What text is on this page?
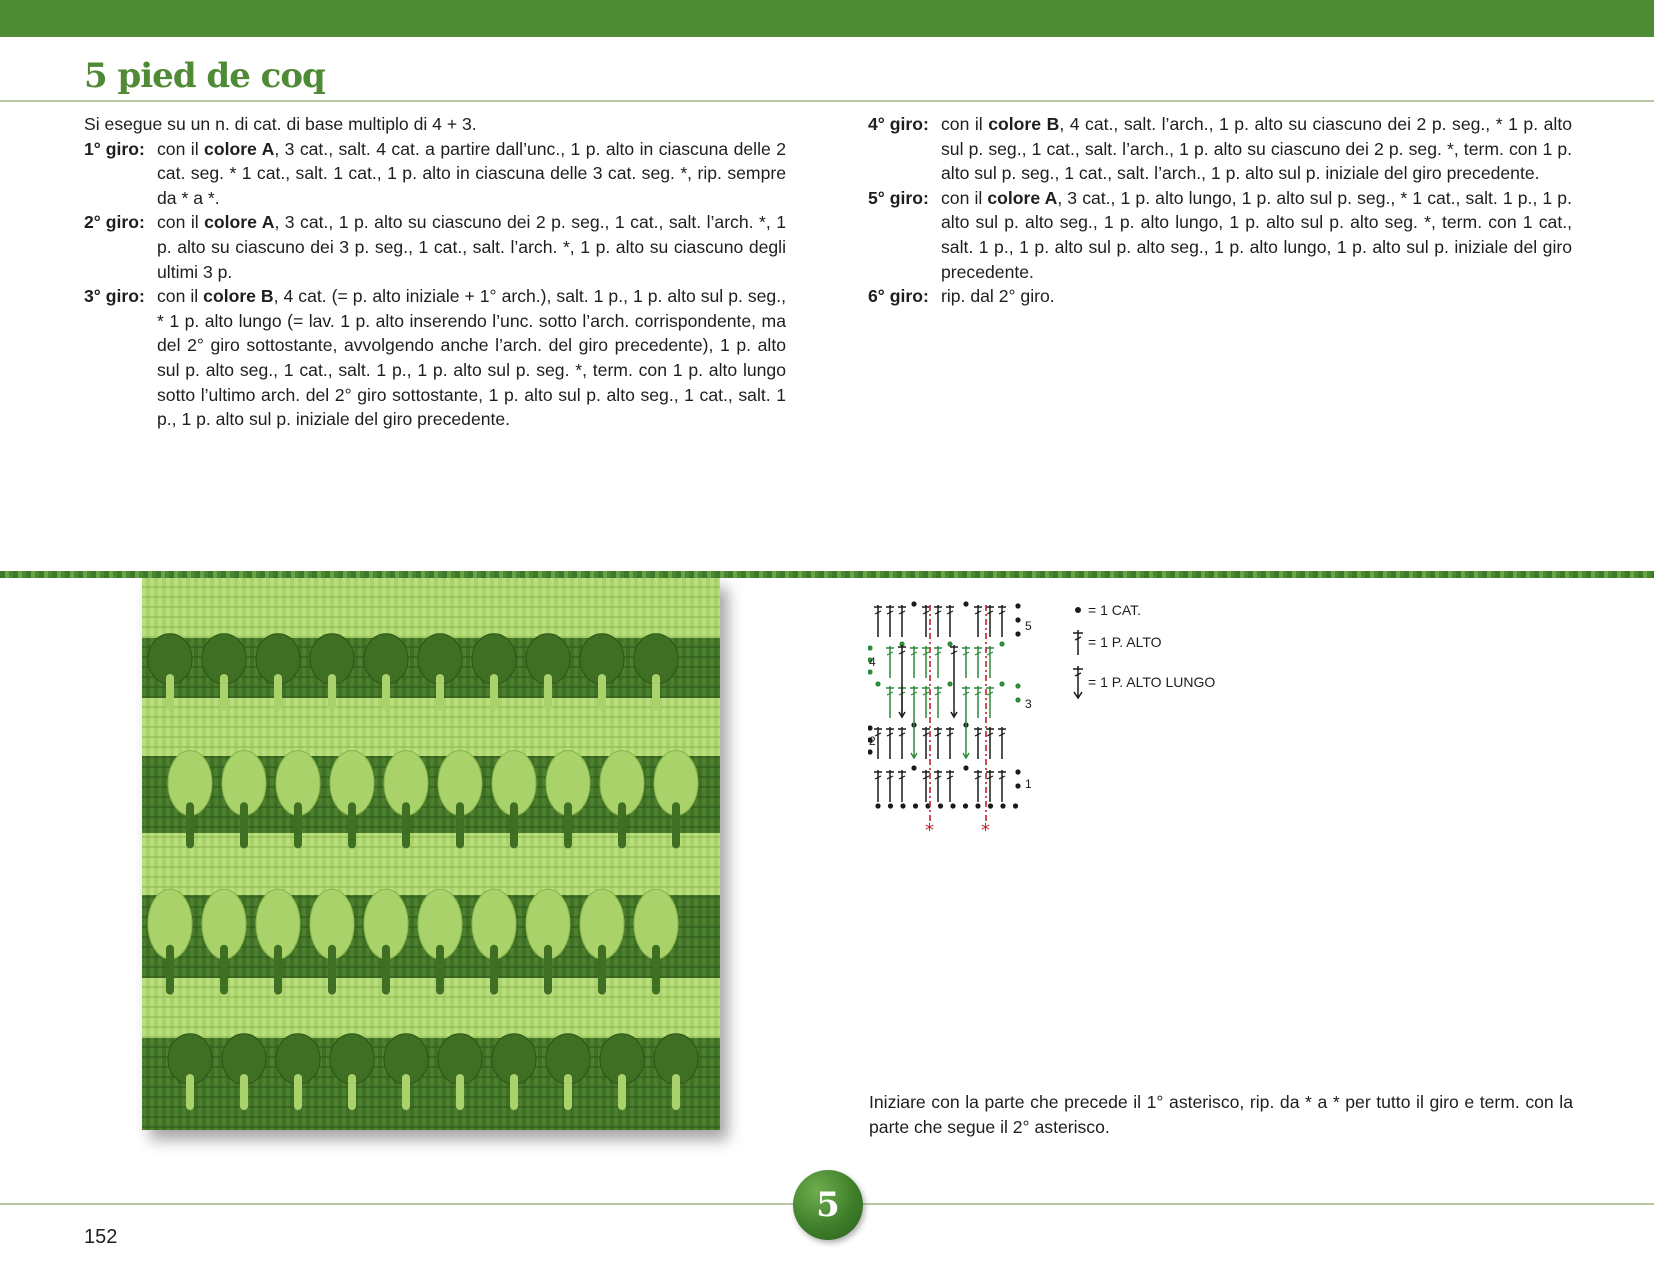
5 pied de coq

Si esegue su un n. di cat. di base multiplo di 4 + 3.

1° giro: con il colore A, 3 cat., salt. 4 cat. a partire dall’unc., 1 p. alto in ciascuna delle 2 cat. seg. * 1 cat., salt. 1 cat., 1 p. alto in ciascuna delle 3 cat. seg. *, rip. sempre da * a *.
2° giro: con il colore A, 3 cat., 1 p. alto su ciascuno dei 2 p. seg., 1 cat., salt. l’arch. *, 1 p. alto su ciascuno dei 3 p. seg., 1 cat., salt. l’arch. *, 1 p. alto su ciascuno degli ultimi 3 p.
3° giro: con il colore B, 4 cat. (= p. alto iniziale + 1° arch.), salt. 1 p., 1 p. alto sul p. seg., * 1 p. alto lungo (= lav. 1 p. alto inserendo l’unc. sotto l’arch. corrispondente, ma del 2° giro sottostante, avvolgendo anche l’arch. del giro precedente), 1 p. alto sul p. alto seg., 1 cat., salt. 1 p., 1 p. alto sul p. seg. *, term. con 1 p. alto lungo sotto l’ultimo arch. del 2° giro sottostante, 1 p. alto sul p. alto seg., 1 cat., salt. 1 p., 1 p. alto sul p. iniziale del giro precedente.
4° giro: con il colore B, 4 cat., salt. l’arch., 1 p. alto su ciascuno dei 2 p. seg., * 1 p. alto sul p. seg., 1 cat., salt. l’arch., 1 p. alto su ciascuno dei 2 p. seg. *, term. con 1 p. alto sul p. seg., 1 cat., salt. l’arch., 1 p. alto sul p. iniziale del giro precedente.
5° giro: con il colore A, 3 cat., 1 p. alto lungo, 1 p. alto sul p. seg., * 1 cat., salt. 1 p., 1 p. alto sul p. alto seg., 1 p. alto lungo, 1 p. alto sul p. alto seg. *, term. con 1 cat., salt. 1 p., 1 p. alto sul p. alto seg., 1 p. alto lungo, 1 p. alto sul p. iniziale del giro precedente.
6° giro: rip. dal 2° giro.
*	*
1
2
3
4
5
= 1 CAT.
= 1 P. ALTO
= 1 P. ALTO LUNGO
Iniziare con la parte che precede il 1° asterisco, rip. da * a * per tutto il giro e term. con la parte che segue il 2° asterisco.
5
152
